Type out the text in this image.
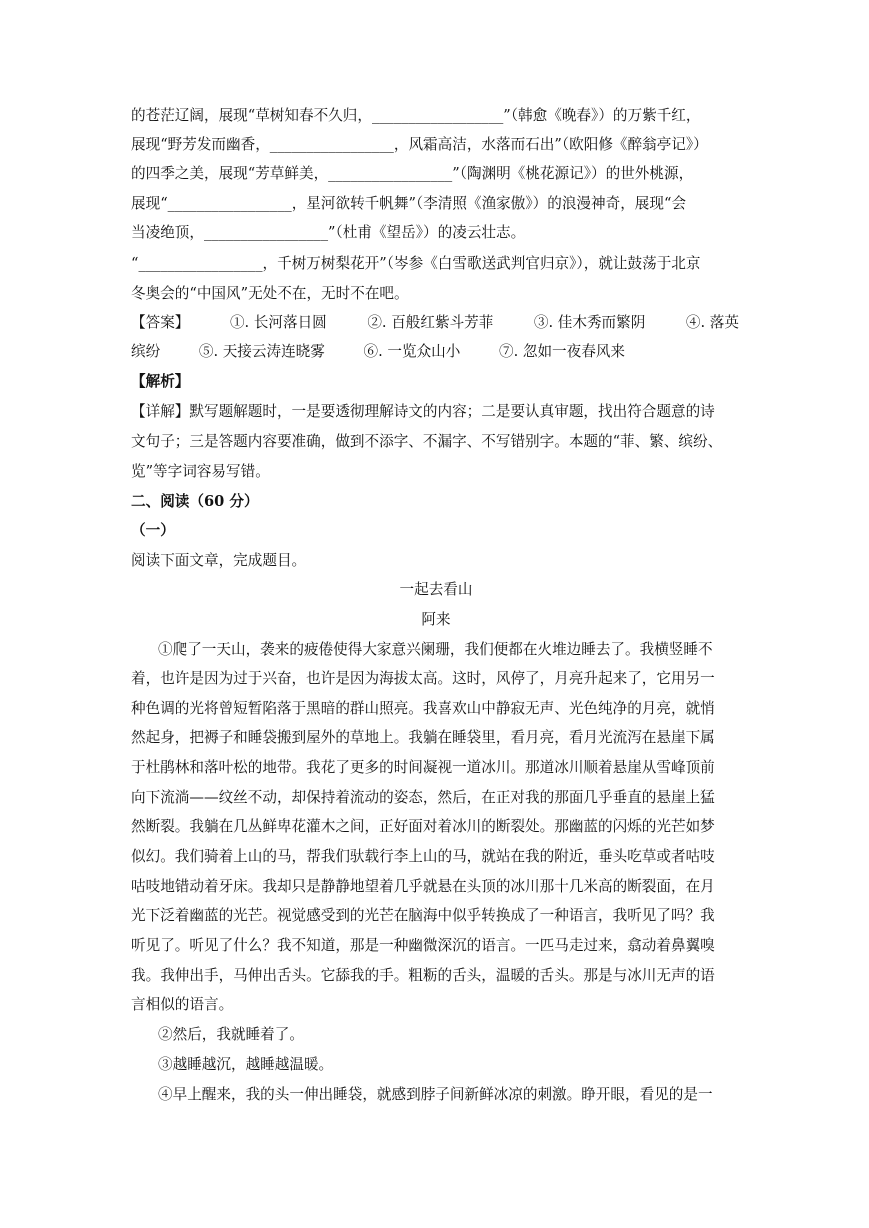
的苍茫辽阔，展现“草树知春不久归，__________________”（韩愈《晚春》）的万紫千红，
展现“野芳发而幽香，_________________，风霜高洁，水落而石出”（欧阳修《醉翁亭记》）
的四季之美，展现“芳草鲜美，_________________”（陶渊明《桃花源记》）的世外桃源，
展现“_________________，星河欲转千帆舞”（李清照《渔家傲》）的浪漫神奇，展现“会
当凌绝顶，_________________”（杜甫《望岳》）的凌云壮志。
“_________________，千树万树梨花开”（岑参《白雪歌送武判官归京》），就让鼓荡于北京
冬奥会的“中国风”无处不在，无时不在吧。
【答案】	①. 长河落日圆	②. 百般红紫斗芳菲	③. 佳木秀而繁阴	④. 落英
缤纷	⑤. 天接云涛连晓雾	⑥. 一览众山小	⑦. 忽如一夜春风来
【解析】
【详解】默写题解题时，一是要透彻理解诗文的内容；二是要认真审题，找出符合题意的诗
文句子；三是答题内容要准确，做到不添字、不漏字、不写错别字。本题的“菲、繁、缤纷、
览”等字词容易写错。
二、阅读（60 分）
（一）
阅读下面文章，完成题目。
一起去看山
阿来
①爬了一天山，袭来的疲倦使得大家意兴阑珊，我们便都在火堆边睡去了。我横竖睡不
着，也许是因为过于兴奋，也许是因为海拔太高。这时，风停了，月亮升起来了，它用另一
种色调的光将曾短暂陷落于黑暗的群山照亮。我喜欢山中静寂无声、光色纯净的月亮，就悄
然起身，把褥子和睡袋搬到屋外的草地上。我躺在睡袋里，看月亮，看月光流泻在悬崖下属
于杜鹃林和落叶松的地带。我花了更多的时间凝视一道冰川。那道冰川顺着悬崖从雪峰顶前
向下流淌——纹丝不动，却保持着流动的姿态，然后，在正对我的那面几乎垂直的悬崖上猛
然断裂。我躺在几丛鲜卑花灌木之间，正好面对着冰川的断裂处。那幽蓝的闪烁的光芒如梦
似幻。我们骑着上山的马，帮我们驮载行李上山的马，就站在我的附近，垂头吃草或者咕吱
咕吱地错动着牙床。我却只是静静地望着几乎就悬在头顶的冰川那十几米高的断裂面，在月
光下泛着幽蓝的光芒。视觉感受到的光芒在脑海中似乎转换成了一种语言，我听见了吗？我
听见了。听见了什么？我不知道，那是一种幽微深沉的语言。一匹马走过来，翕动着鼻翼嗅
我。我伸出手，马伸出舌头。它舔我的手。粗粝的舌头，温暖的舌头。那是与冰川无声的语
言相似的语言。
②然后，我就睡着了。
③越睡越沉，越睡越温暖。
④早上醒来，我的头一伸出睡袋，就感到脖子间新鲜冰凉的刺激。睁开眼，看见的是一
